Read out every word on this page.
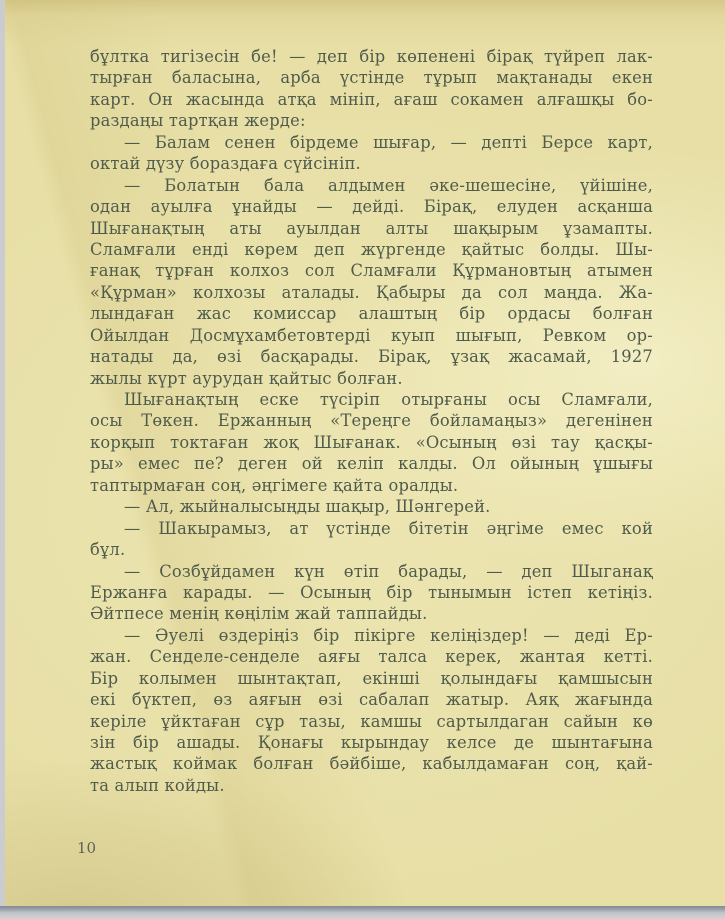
бұлтка тигізесін бе! — деп бір көпенені бірақ түйреп лак-
тырған баласына, арба үстінде тұрып мақтанады екен
карт. Он жасында атқа мініп, ағаш сокамен алғашқы бо-
раздаңы тартқан жерде:
— Балам сенен бірдеме шығар, — депті Берсе карт,
октай дүзу бораздаға сүйсініп.
— Болатын бала алдымен әке-шешесіне, үйішіне,
одан ауылға ұнайды — дейді. Бірақ, елуден асқанша
Шығанақтың аты ауылдан алты шақырым ұзамапты.
Сламғали енді көрем деп жүргенде қайтыс болды. Шы-
ғанақ тұрған колхоз сол Сламғали Құрмановтың атымен
«Құрман» колхозы аталады. Қабыры да сол маңда. Жа-
лындаған жас комиссар алаштың бір ордасы болған
Ойылдан Досмұхамбетовтерді куып шығып, Ревком ор-
натады да, өзі басқарады. Бірақ, ұзақ жасамай, 1927
жылы күрт аурудан қайтыс болған.
Шығанақтың еске түсіріп отырғаны осы Сламғали,
осы Төкен. Ержанның «Тереңге бойламаңыз» дегенінен
корқып токтаған жоқ Шығанак. «Осының өзі тау қасқы-
ры» емес пе? деген ой келіп калды. Ол ойының ұшығы
таптырмаған соң, әңгімеге қайта оралды.
— Ал, жыйналысыңды шақыр, Шәнгерей.
— Шакырамыз, ат үстінде бітетін әңгіме емес кой
бұл.
— Созбұйдамен күн өтіп барады, — деп Шыганақ
Ержанға карады. — Осының бір тынымын істеп кетіңіз.
Әйтпесе менің көңілім жай таппайды.
— Әуелі өздеріңіз бір пікірге келіңіздер! — деді Ер-
жан. Сенделе-сенделе аяғы талса керек, жантая кетті.
Бір колымен шынтақтап, екінші қолындағы қамшысын
екі бүктеп, өз аяғын өзі сабалап жатыр. Аяқ жағында
керіле ұйктаған сұр тазы, камшы сартылдаган сайын кө
зін бір ашады. Қонағы кырындау келсе де шынтағына
жастық коймак болған бәйбіше, кабылдамаған соң, қай-
та алып койды.
10
